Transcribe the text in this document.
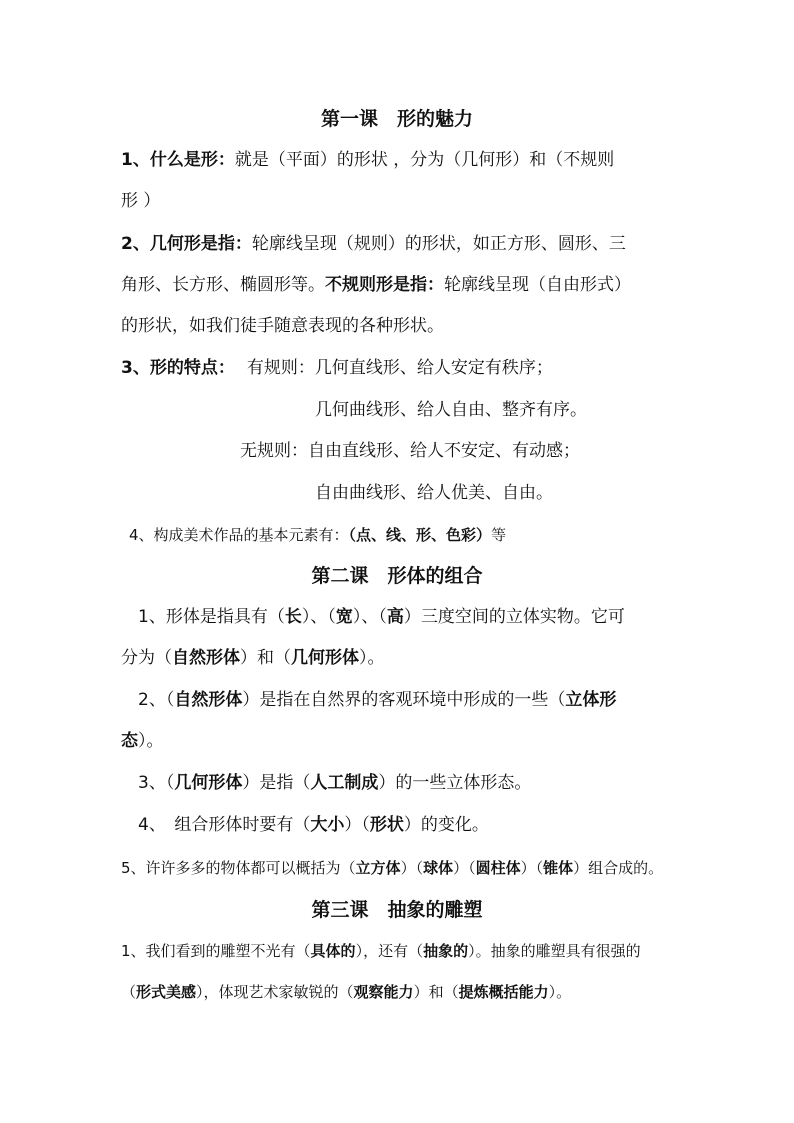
第一课　形的魅力
1、什么是形：就是（平面）的形状 ，分为（几何形）和（不规则
形 ）
2、几何形是指：轮廓线呈现（规则）的形状，如正方形、圆形、三
角形、长方形、椭圆形等。不规则形是指：轮廓线呈现（自由形式）
的形状，如我们徒手随意表现的各种形状。
3、形的特点： 有规则：几何直线形、给人安定有秩序；
几何曲线形、给人自由、整齐有序。
无规则：自由直线形、给人不安定、有动感；
自由曲线形、给人优美、自由。
4、构成美术作品的基本元素有：（点、线、形、色彩）等
第二课　形体的组合
1、形体是指具有（长）、（宽）、（高）三度空间的立体实物。它可
分为（自然形体）和（几何形体）。
2、（自然形体）是指在自然界的客观环境中形成的一些（立体形
态）。
3、（几何形体）是指（人工制成）的一些立体形态。
4、　组合形体时要有（大小）（形状）的变化。
5、许许多多的物体都可以概括为（立方体）（球体）（圆柱体）（锥体）组合成的。
第三课　抽象的雕塑
1、我们看到的雕塑不光有（具体的），还有（抽象的）。抽象的雕塑具有很强的
（形式美感），体现艺术家敏锐的（观察能力）和（提炼概括能力）。
